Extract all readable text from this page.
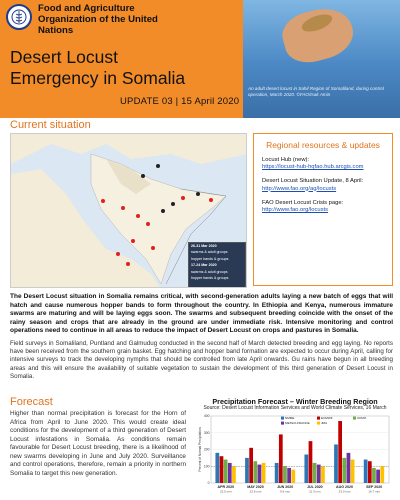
Food and Agriculture Organization of the United Nations
Desert Locust Emergency in Somalia
UPDATE 03 | 15 April 2020
An adult desert locust in Sahil Region of Somaliland, during control operation, March 2020. ©FAO/Isak Amin
Current situation
26-31 Mar 2020
swarms & adult groups
hopper bands & groups
17-24 Mar 2020
swarms & adult groups
hopper bands & groups
Regional resources & updates
Locust Hub (new):
https://locust-hub-hqfao.hub.arcgis.com
Desert Locust Situation Update, 8 April:
http://www.fao.org/ag/locusts
FAO Desert Locust Crisis page:
http://www.fao.org/locusts
The Desert Locust situation in Somalia remains critical, with second-generation adults laying a new batch of eggs that will hatch and cause numerous hopper bands to form throughout the country. In Ethiopia and Kenya, numerous immature swarms are maturing and will be laying eggs soon. The swarms and subsequent breeding coincide with the onset of the rainy season and crops that are already in the ground are under immediate risk. Intensive monitoring and control operations need to continue in all areas to reduce the impact of Desert Locust on crops and pastures in Somalia.
Field surveys in Somaliland, Puntland and Galmudug conducted in the second half of March detected breeding and egg laying. No reports have been received from the southern grain basket. Egg hatching and hopper band formation are expected to occur during April, calling for intensive surveys to track the developing nymphs that should be controlled from late April onwards. Gu rains have begun in all breeding areas and this will ensure the availability of suitable vegetation to sustain the development of this third generation of Desert Locust in Somalia.
Forecast
Higher than normal precipitation is forecast for the Horn of Africa from April to June 2020. This would create ideal conditions for the development of a third generation of Desert Locust infestations in Somalia. As conditions remain favourable for Desert Locust breeding, there is a likelihood of new swarms developing in June and July 2020. Surveillance and control operations, therefore, remain a priority in northern Somalia to target this new generation.
Precipitation Forecast – Winter Breeding Region
Source: Desert Locust Information Services and World Climate Services, 16 March
0
100
200
300
400
Percent of Normal Precipitation
APR 2020
22.5 mm
MAY 2020
22.6 mm
JUN 2020
9.6 mm
JUL 2020
11.3 mm
AUG 2020
23.0 mm
SEP 2020
16.7 mm
NMME	ECMWF	UKMO
METEO-FRANCE	JMA
